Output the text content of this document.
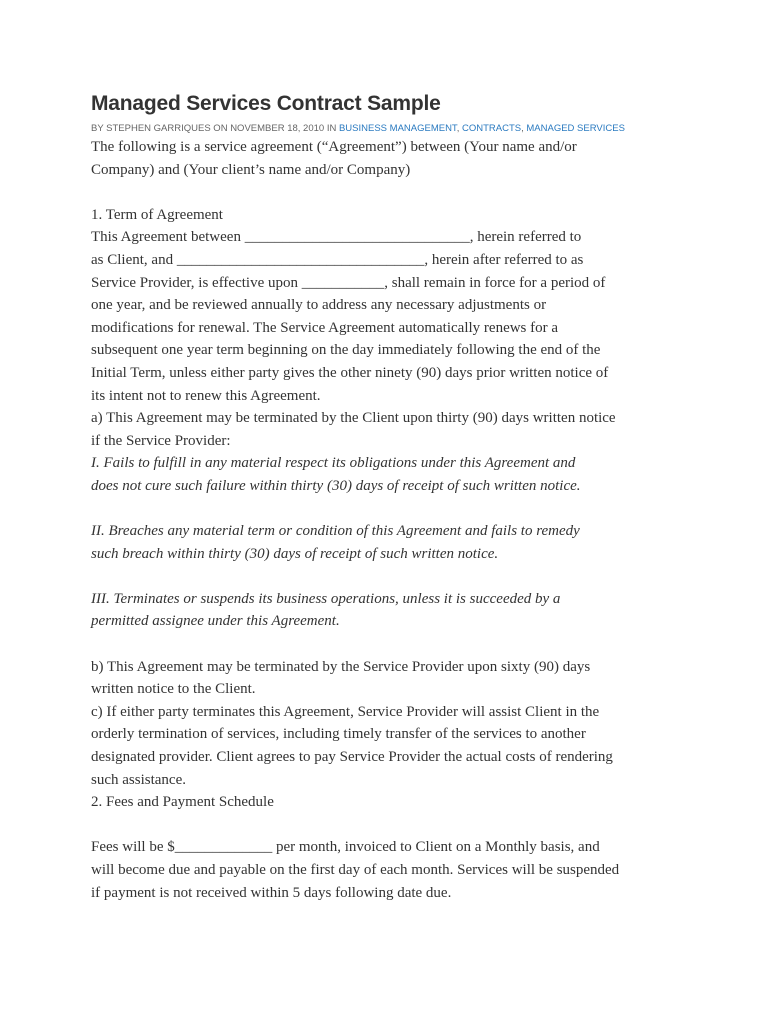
Managed Services Contract Sample
BY STEPHEN GARRIQUES ON NOVEMBER 18, 2010 IN BUSINESS MANAGEMENT, CONTRACTS, MANAGED SERVICES
The following is a service agreement (“Agreement”) between (Your name and/or
Company) and (Your client’s name and/or Company)
1. Term of Agreement
This Agreement between ______________________________, herein referred to
as Client, and _________________________________, herein after referred to as
Service Provider, is effective upon ___________, shall remain in force for a period of
one year, and be reviewed annually to address any necessary adjustments or
modifications for renewal. The Service Agreement automatically renews for a
subsequent one year term beginning on the day immediately following the end of the
Initial Term, unless either party gives the other ninety (90) days prior written notice of
its intent not to renew this Agreement.
a) This Agreement may be terminated by the Client upon thirty (90) days written notice
if the Service Provider:
I. Fails to fulfill in any material respect its obligations under this Agreement and
does not cure such failure within thirty (30) days of receipt of such written notice.
II. Breaches any material term or condition of this Agreement and fails to remedy
such breach within thirty (30) days of receipt of such written notice.
III. Terminates or suspends its business operations, unless it is succeeded by a
permitted assignee under this Agreement.
b) This Agreement may be terminated by the Service Provider upon sixty (90) days
written notice to the Client.
c) If either party terminates this Agreement, Service Provider will assist Client in the
orderly termination of services, including timely transfer of the services to another
designated provider. Client agrees to pay Service Provider the actual costs of rendering
such assistance.
2. Fees and Payment Schedule
Fees will be $_____________ per month, invoiced to Client on a Monthly basis, and
will become due and payable on the first day of each month. Services will be suspended
if payment is not received within 5 days following date due.
